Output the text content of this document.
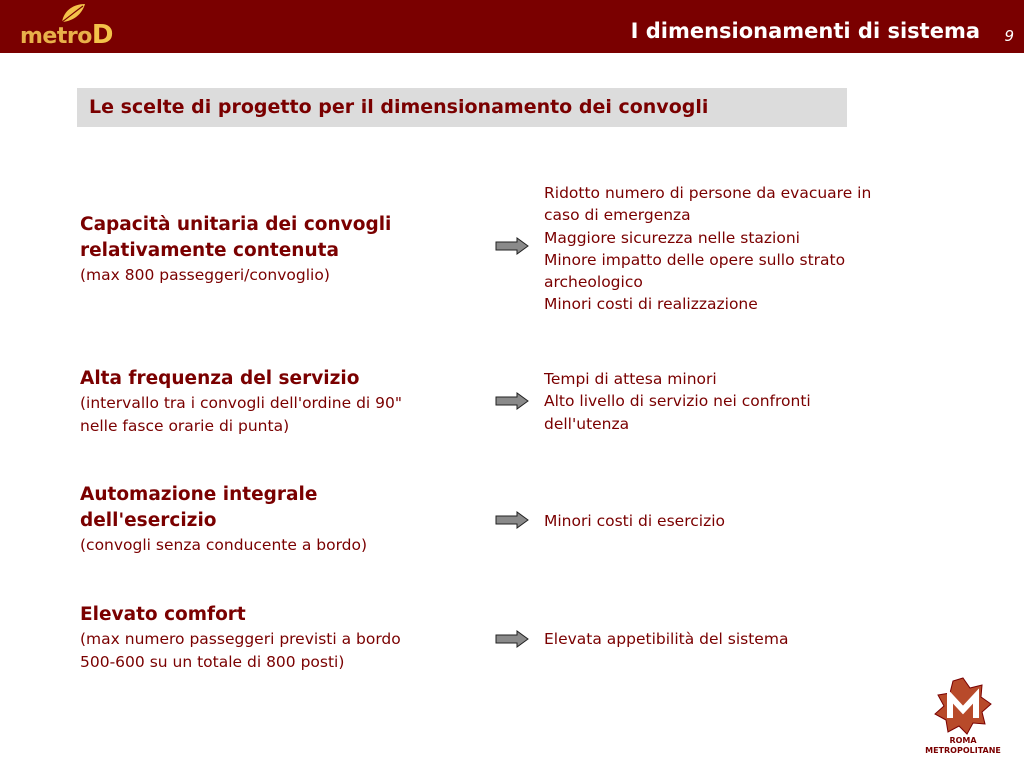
metroD	I dimensionamenti di sistema 9
Le scelte di progetto per il dimensionamento dei convogli
Capacità unitaria dei convogli
relativamente contenuta
(max 800 passeggeri/convoglio)
Ridotto numero di persone da evacuare in
caso di emergenza
Maggiore sicurezza nelle stazioni
Minore impatto delle opere sullo strato
archeologico
Minori costi di realizzazione
Alta frequenza del servizio
(intervallo tra i convogli dell'ordine di 90"
nelle fasce orarie di punta)
Tempi di attesa minori
Alto livello di servizio nei confronti
dell'utenza
Automazione integrale
dell'esercizio
(convogli senza conducente a bordo)
Minori costi di esercizio
Elevato comfort
(max numero passeggeri previsti a bordo
500-600 su un totale di 800 posti)
Elevata appetibilità del sistema
ROMA
METROPOLITANE
